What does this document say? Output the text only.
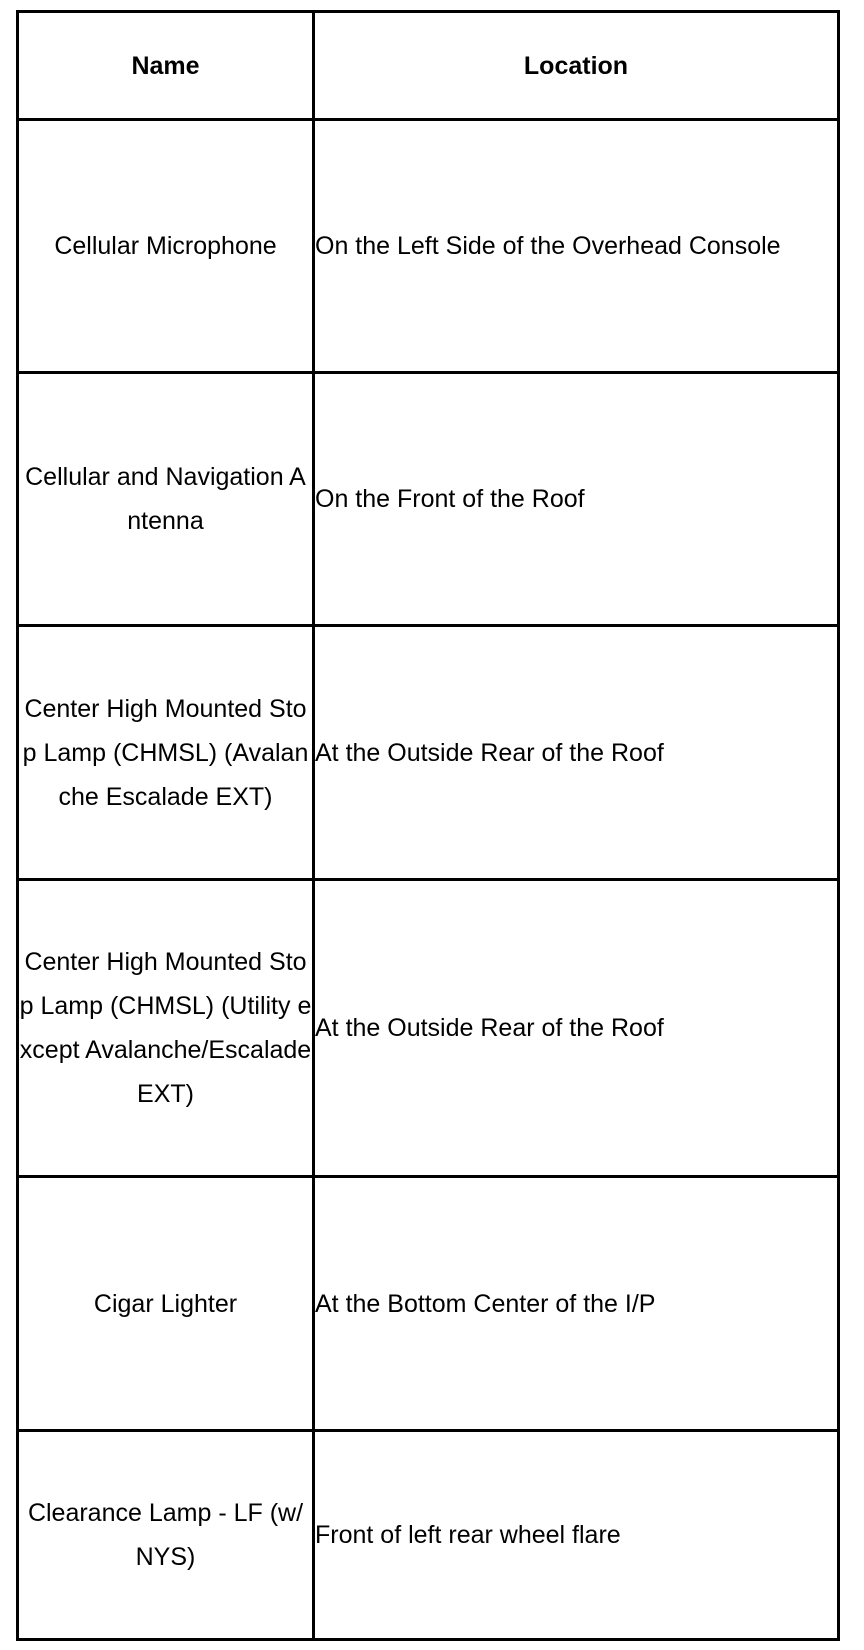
Name	Location

Cellular Microphone	On the Left Side of the Overhead Console

Cellular and Navigation Antenna	On the Front of the Roof

Center High Mounted Stop Lamp (CHMSL) (Avalanche Escalade EXT)	At the Outside Rear of the Roof

Center High Mounted Stop Lamp (CHMSL) (Utility except Avalanche/Escalade EXT)	At the Outside Rear of the Roof

Cigar Lighter	At the Bottom Center of the I/P

Clearance Lamp - LF (w/NYS)	Front of left rear wheel flare
